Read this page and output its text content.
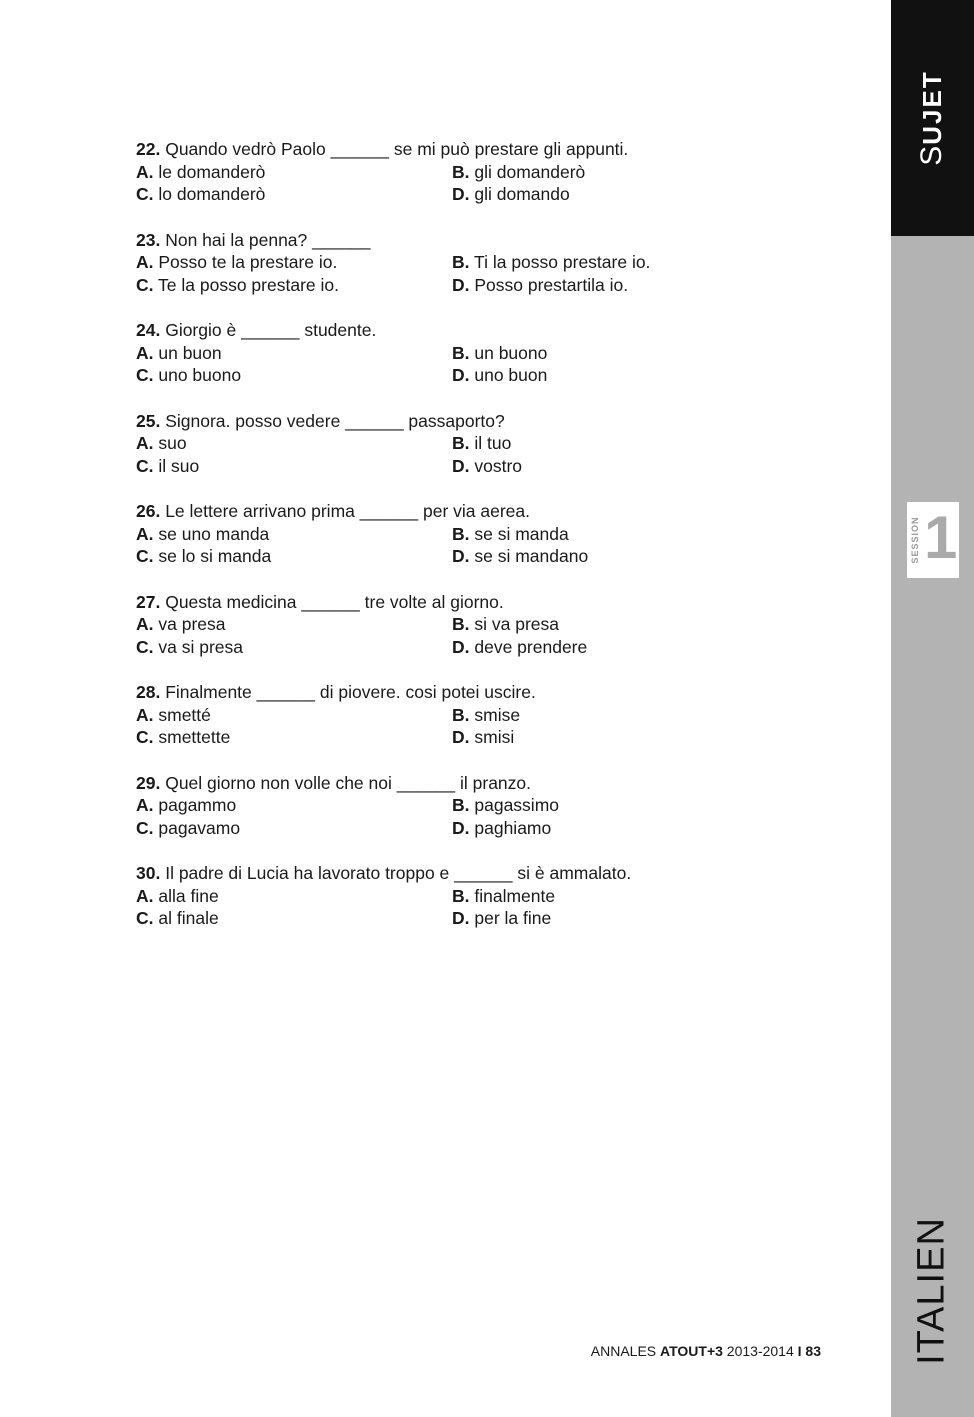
22. Quando vedrò Paolo ______ se mi può prestare gli appunti.
A. le domanderò	B. gli domanderò
C. lo domanderò	D. gli domando
23. Non hai la penna? ______
A. Posso te la prestare io.	B. Ti la posso prestare io.
C. Te la posso prestare io.	D. Posso prestartila io.
24. Giorgio è ______ studente.
A. un buon	B. un buono
C. uno buono	D. uno buon
25. Signora. posso vedere ______ passaporto?
A. suo	B. il tuo
C. il suo	D. vostro
26. Le lettere arrivano prima ______ per via aerea.
A. se uno manda	B. se si manda
C. se lo si manda	D. se si mandano
27. Questa medicina ______ tre volte al giorno.
A. va presa	B. si va presa
C. va si presa	D. deve prendere
28. Finalmente ______ di piovere. cosi potei uscire.
A. smetté	B. smise
C. smettette	D. smisi
29. Quel giorno non volle che noi ______ il pranzo.
A. pagammo	B. pagassimo
C. pagavamo	D. paghiamo
30. Il padre di Lucia ha lavorato troppo e ______ si è ammalato.
A. alla fine	B. finalmente
C. al finale	D. per la fine
SUJET
SESSION 1
ITALIEN
ANNALES ATOUT+3 2013-2014 I 83
